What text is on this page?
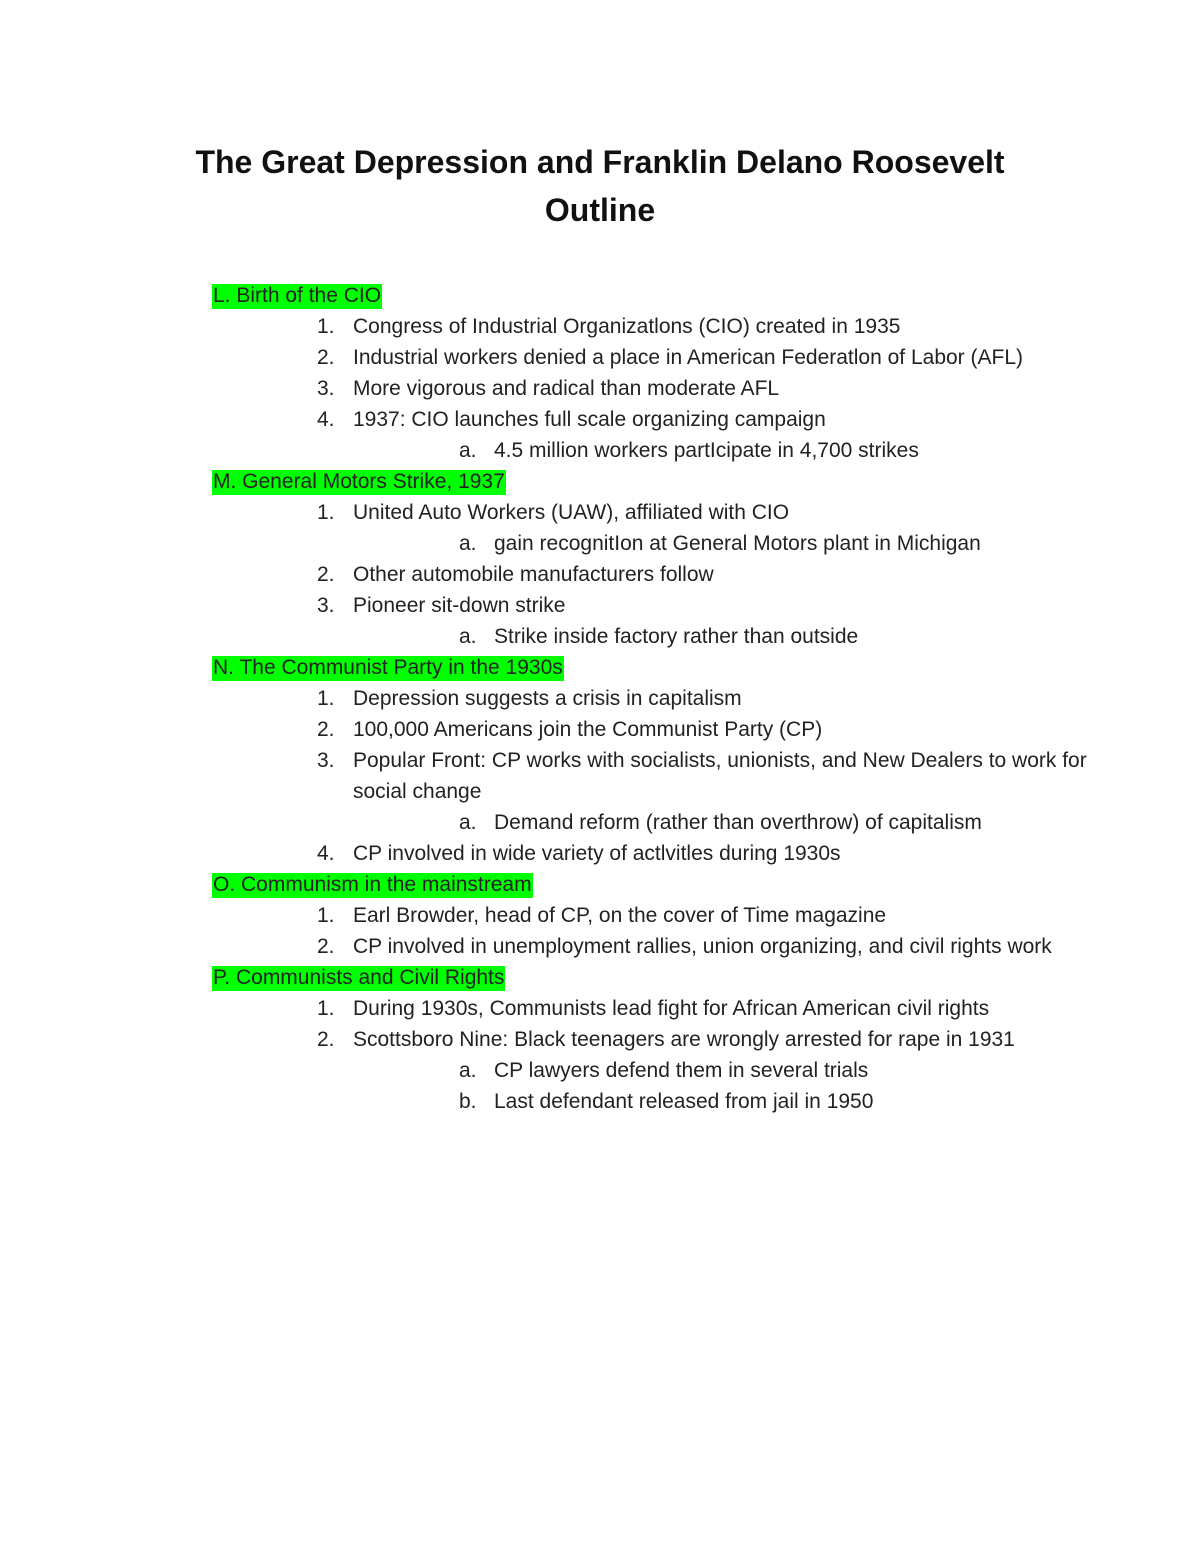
The Great Depression and Franklin Delano Roosevelt
Outline
L. Birth of the CIO
1. Congress of Industrial Organizatlons (CIO) created in 1935
2. Industrial workers denied a place in American Federatlon of Labor (AFL)
3. More vigorous and radical than moderate AFL
4. 1937: CIO launches full scale organizing campaign
a. 4.5 million workers partIcipate in 4,700 strikes
M. General Motors Strike, 1937
1. United Auto Workers (UAW), affiliated with CIO
a. gain recognitIon at General Motors plant in Michigan
2. Other automobile manufacturers follow
3. Pioneer sit-down strike
a. Strike inside factory rather than outside
N. The Communist Party in the 1930s
1. Depression suggests a crisis in capitalism
2. 100,000 Americans join the Communist Party (CP)
3. Popular Front: CP works with socialists, unionists, and New Dealers to work for social change
a. Demand reform (rather than overthrow) of capitalism
4. CP involved in wide variety of actlvitles during 1930s
O. Communism in the mainstream
1. Earl Browder, head of CP, on the cover of Time magazine
2. CP involved in unemployment rallies, union organizing, and civil rights work
P. Communists and Civil Rights
1. During 1930s, Communists lead fight for African American civil rights
2. Scottsboro Nine: Black teenagers are wrongly arrested for rape in 1931
a. CP lawyers defend them in several trials
b. Last defendant released from jail in 1950
